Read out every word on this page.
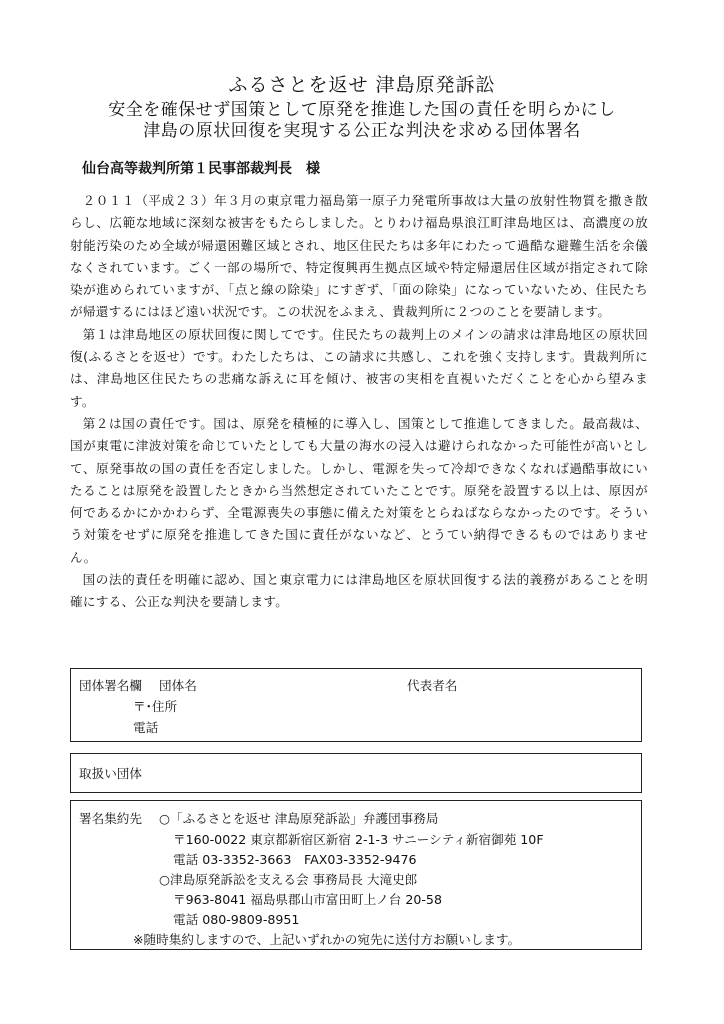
ふるさとを返せ 津島原発訴訟
安全を確保せず国策として原発を推進した国の責任を明らかにし
津島の原状回復を実現する公正な判決を求める団体署名
仙台高等裁判所第１民事部裁判長　様

２０１１（平成２３）年３月の東京電力福島第一原子力発電所事故は大量の放射性物質を撒き散らし、広範な地域に深刻な被害をもたらしました。とりわけ福島県浪江町津島地区は、高濃度の放射能汚染のため全域が帰還困難区域とされ、地区住民たちは多年にわたって過酷な避難生活を余儀なくされています。ごく一部の場所で、特定復興再生拠点区域や特定帰還居住区域が指定されて除染が進められていますが、「点と線の除染」にすぎず、「面の除染」になっていないため、住民たちが帰還するにはほど遠い状況です。この状況をふまえ、貴裁判所に２つのことを要請します。

第１は津島地区の原状回復に関してです。住民たちの裁判上のメインの請求は津島地区の原状回復(ふるさとを返せ）です。わたしたちは、この請求に共感し、これを強く支持します。貴裁判所には、津島地区住民たちの悲痛な訴えに耳を傾け、被害の実相を直視いただくことを心から望みます。

第２は国の責任です。国は、原発を積極的に導入し、国策として推進してきました。最高裁は、国が東電に津波対策を命じていたとしても大量の海水の浸入は避けられなかった可能性が高いとして、原発事故の国の責任を否定しました。しかし、電源を失って冷却できなくなれば過酷事故にいたることは原発を設置したときから当然想定されていたことです。原発を設置する以上は、原因が何であるかにかかわらず、全電源喪失の事態に備えた対策をとらねばならなかったのです。そういう対策をせずに原発を推進してきた国に責任がないなど、とうてい納得できるものではありません。

国の法的責任を明確に認め、国と東京電力には津島地区を原状回復する法的義務があることを明確にする、公正な判決を要請します。

団体署名欄 団体名	代表者名
〒･住所
電話
取扱い団体
署名集約先 ○「ふるさとを返せ 津島原発訴訟」弁護団事務局
〒160-0022 東京都新宿区新宿 2-1-3 サニーシティ新宿御苑 10F
電話 03-3352-3663　FAX03-3352-9476
○津島原発訴訟を支える会 事務局長 大滝史郎
〒963-8041 福島県郡山市富田町上ノ台 20-58
電話 080-9809-8951
※随時集約しますので、上記いずれかの宛先に送付方お願いします。
